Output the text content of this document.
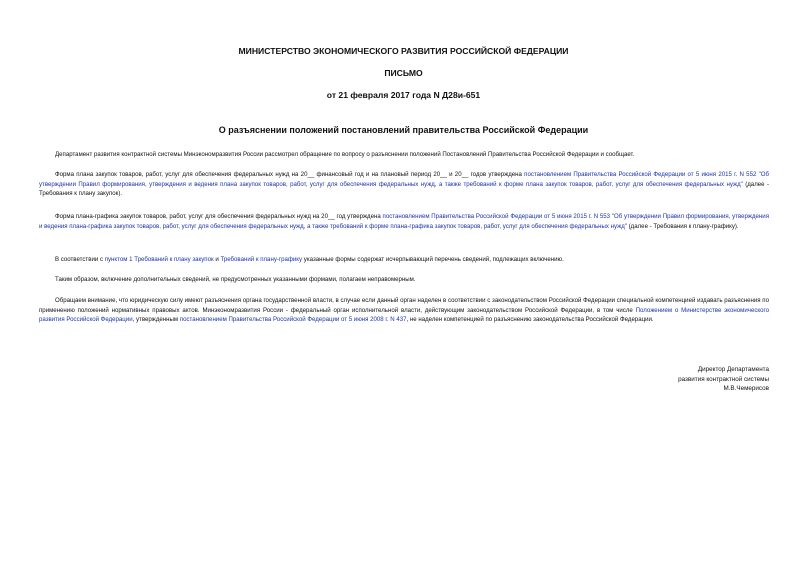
МИНИСТЕРСТВО ЭКОНОМИЧЕСКОГО РАЗВИТИЯ РОССИЙСКОЙ ФЕДЕРАЦИИ
ПИСЬМО
от 21 февраля 2017 года N Д28и-651
О разъяснении положений постановлений правительства Российской Федерации

Департамент развития контрактной системы Минэкономразвития России рассмотрел обращение по вопросу о разъяснении положений Постановлений Правительства Российской Федерации и сообщает.

Форма плана закупок товаров, работ, услуг для обеспечения федеральных нужд на 20__ финансовый год и на плановый период 20__ и 20__ годов утверждена постановлением Правительства Российской Федерации от 5 июня 2015 г. N 552 "Об утверждении Правил формирования, утверждения и ведения плана закупок товаров, работ, услуг для обеспечения федеральных нужд, а также требований к форме плана закупок товаров, работ, услуг для обеспечения федеральных нужд" (далее - Требования к плану закупок).

Форма плана-графика закупок товаров, работ, услуг для обеспечения федеральных нужд на 20__ год утверждена постановлением Правительства Российской Федерации от 5 июня 2015 г. N 553 "Об утверждении Правил формирования, утверждения и ведения плана-графика закупок товаров, работ, услуг для обеспечения федеральных нужд, а также требований к форме плана-графика закупок товаров, работ, услуг для обеспечения федеральных нужд" (далее - Требования к плану-графику).

В соответствии с пунктом 1 Требований к плану закупок и Требований к плану-графику указанные формы содержат исчерпывающий перечень сведений, подлежащих включению.

Таким образом, включение дополнительных сведений, не предусмотренных указанными формами, полагаем неправомерным.

Обращаем внимание, что юридическую силу имеют разъяснения органа государственной власти, в случае если данный орган наделен в соответствии с законодательством Российской Федерации специальной компетенцией издавать разъяснения по применению положений нормативных правовых актов. Минэкономразвития России - федеральный орган исполнительной власти, действующим законодательством Российской Федерации, в том числе Положением о Министерстве экономического развития Российской Федерации, утвержденным постановлением Правительства Российской Федерации от 5 июня 2008 г. N 437, не наделен компетенцией по разъяснению законодательства Российской Федерации.

Директор Департамента
развития контрактной системы
М.В.Чемерисов
